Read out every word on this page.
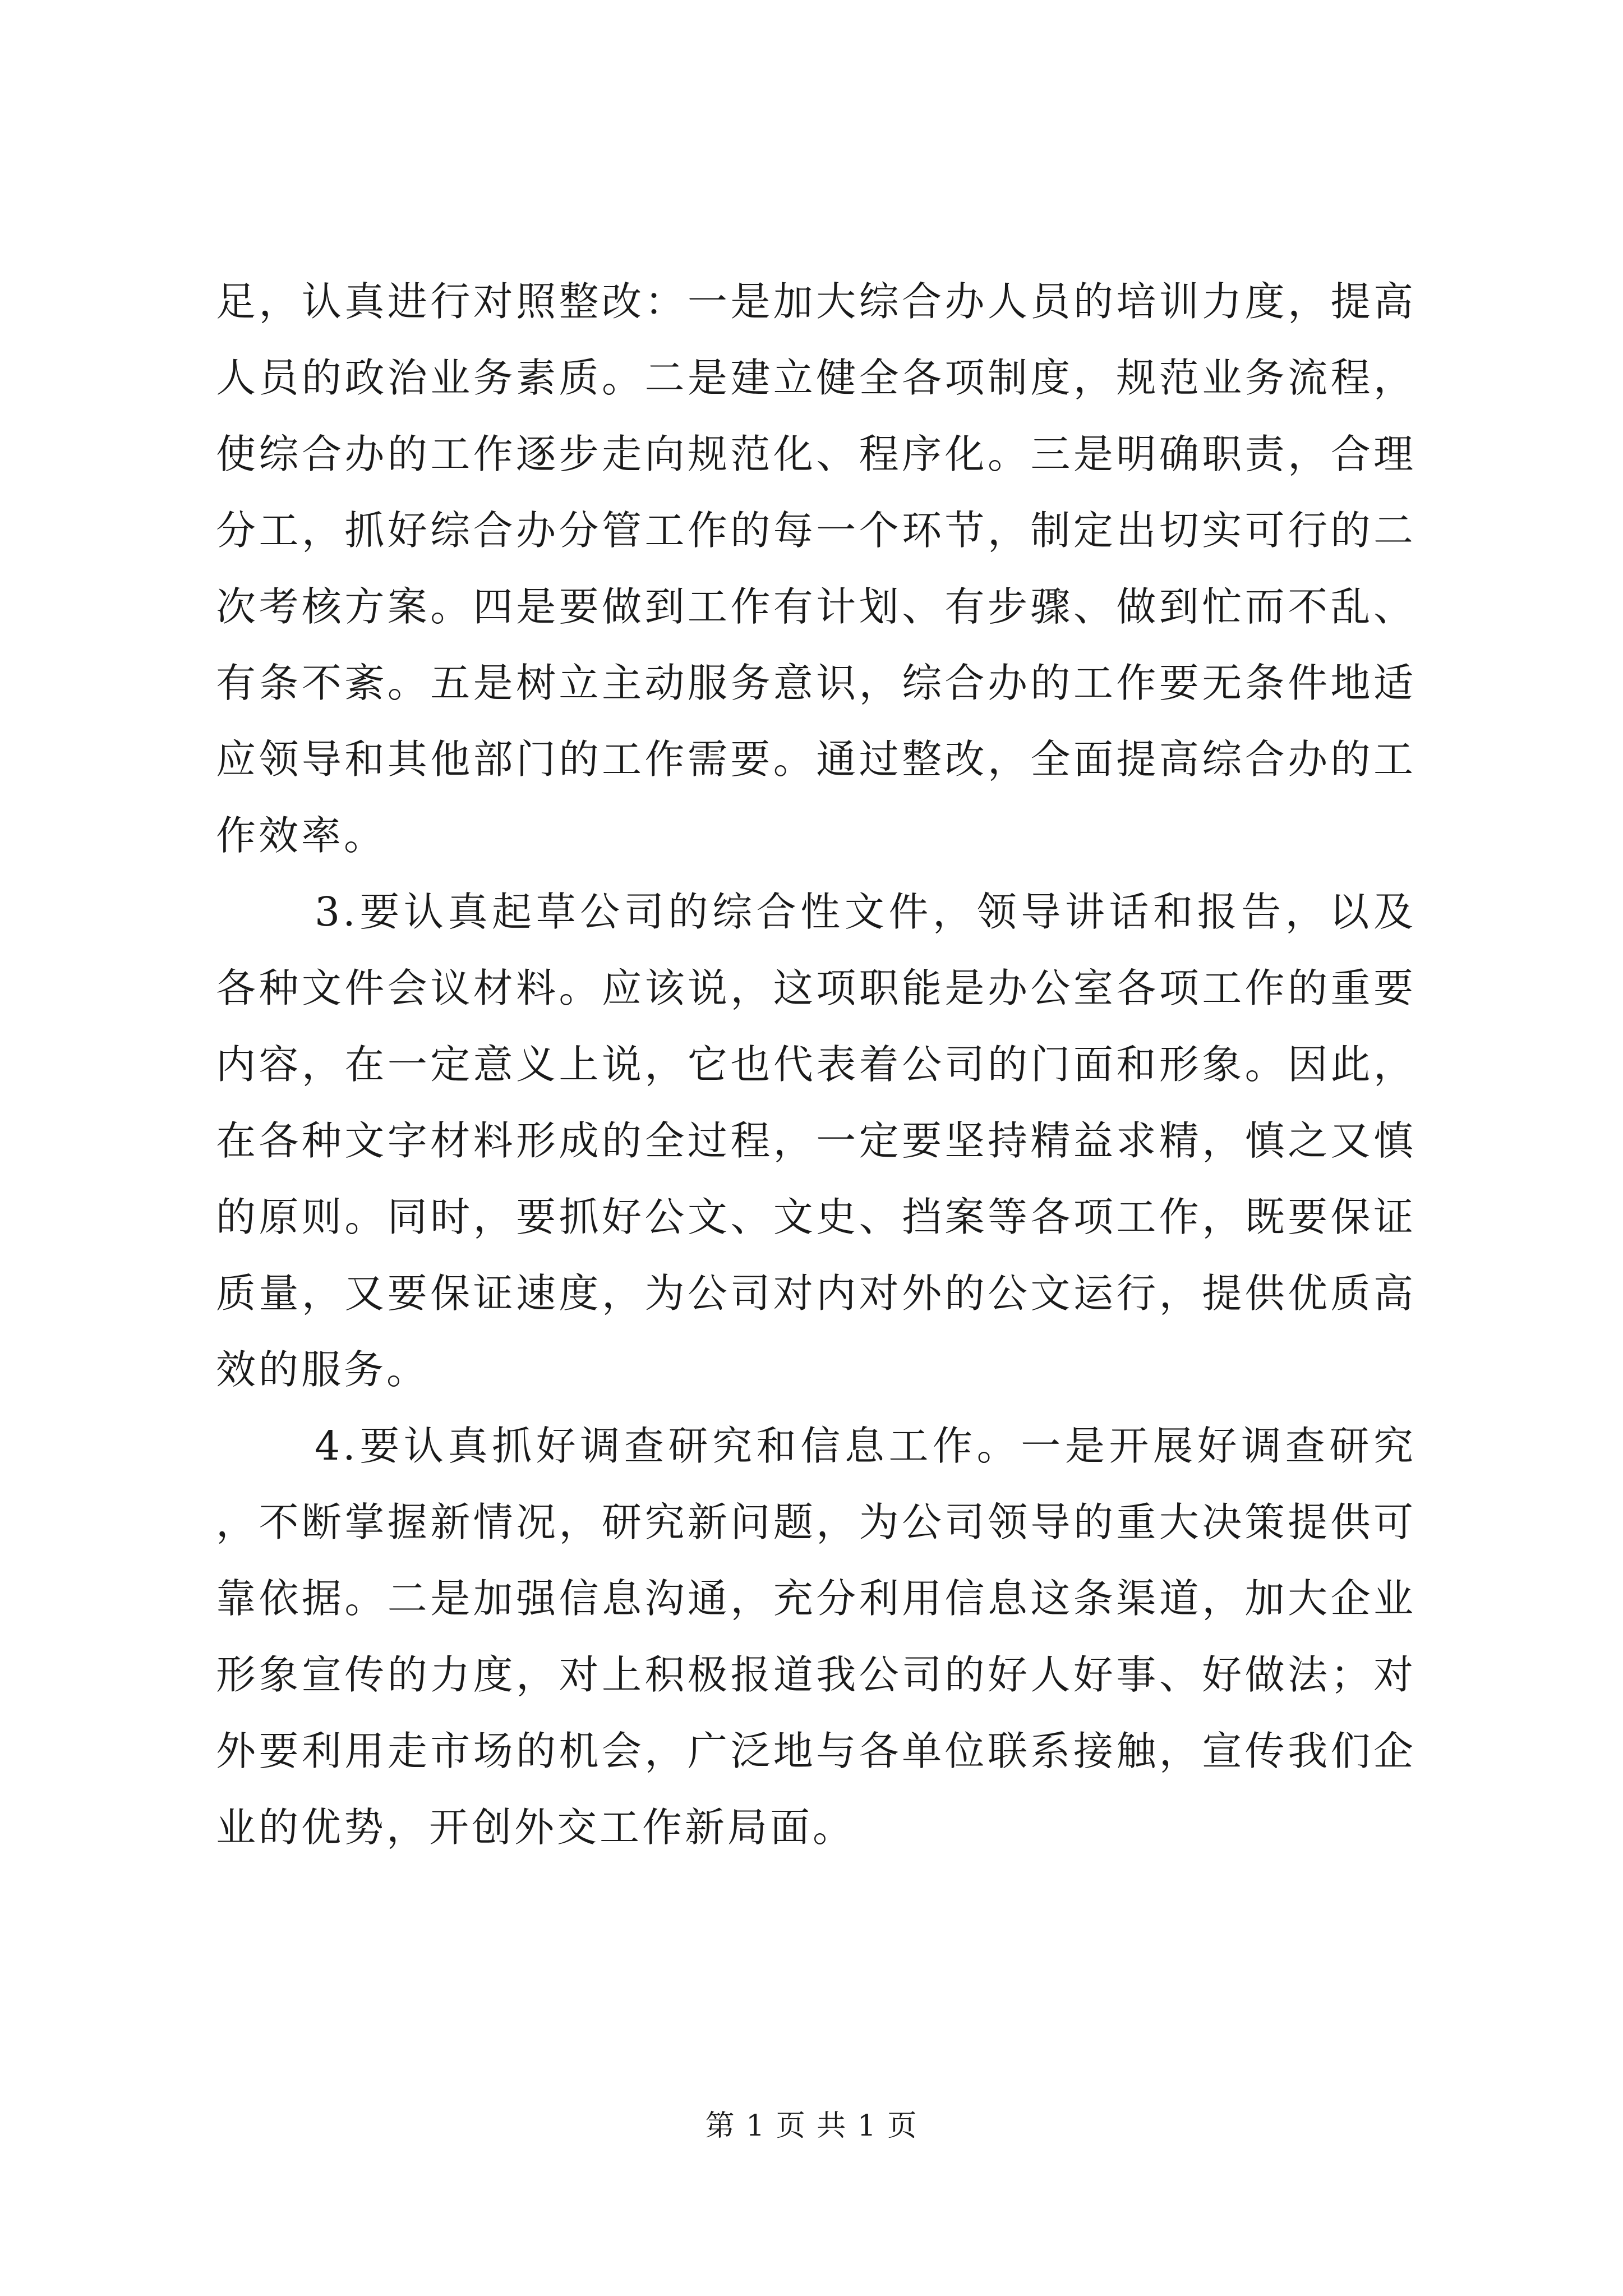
足，认真进行对照整改：一是加大综合办人员的培训力度，提高人员的政治业务素质。二是建立健全各项制度，规范业务流程，使综合办的工作逐步走向规范化、程序化。三是明确职责，合理分工，抓好综合办分管工作的每一个环节，制定出切实可行的二次考核方案。四是要做到工作有计划、有步骤、做到忙而不乱、有条不紊。五是树立主动服务意识，综合办的工作要无条件地适应领导和其他部门的工作需要。通过整改，全面提高综合办的工作效率。

3.要认真起草公司的综合性文件，领导讲话和报告，以及各种文件会议材料。应该说，这项职能是办公室各项工作的重要内容，在一定意义上说，它也代表着公司的门面和形象。因此，在各种文字材料形成的全过程，一定要坚持精益求精，慎之又慎的原则。同时，要抓好公文、文史、挡案等各项工作，既要保证质量，又要保证速度，为公司对内对外的公文运行，提供优质高效的服务。

4.要认真抓好调查研究和信息工作。一是开展好调查研究，不断掌握新情况，研究新问题，为公司领导的重大决策提供可靠依据。二是加强信息沟通，充分利用信息这条渠道，加大企业形象宣传的力度，对上积极报道我公司的好人好事、好做法；对外要利用走市场的机会，广泛地与各单位联系接触，宣传我们企业的优势，开创外交工作新局面。

第 1 页 共 1 页
